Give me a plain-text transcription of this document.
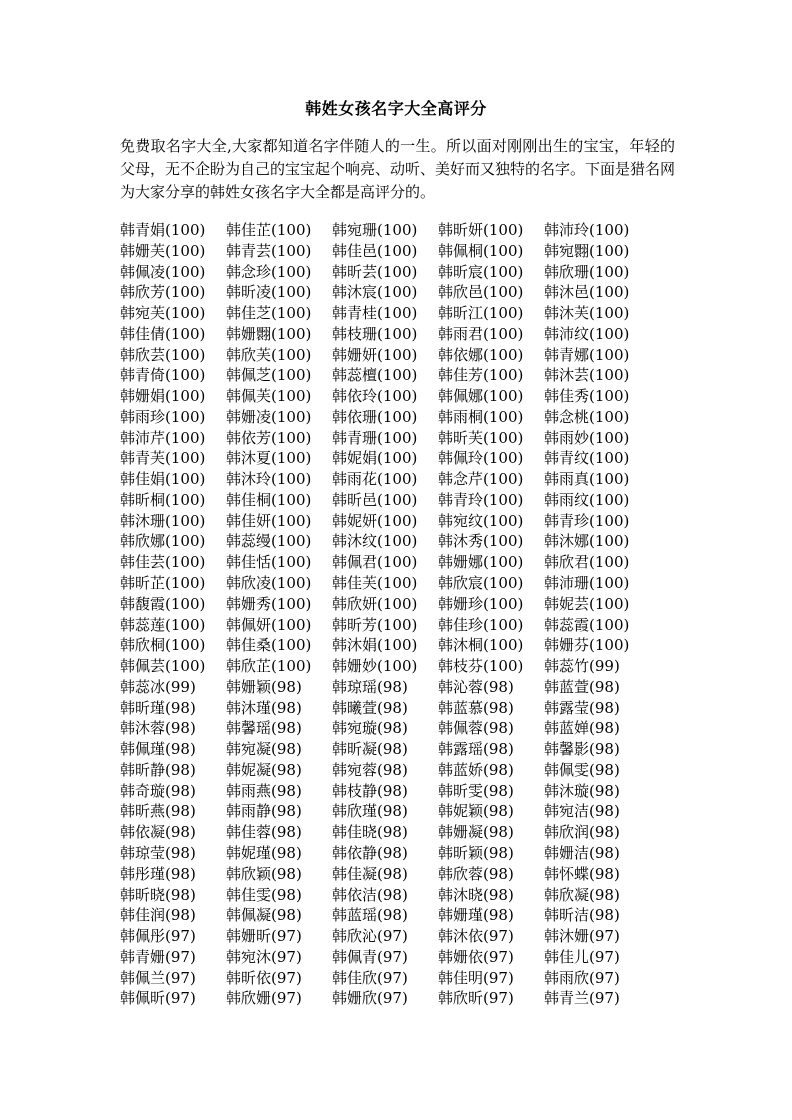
韩姓女孩名字大全高评分
免费取名字大全,大家都知道名字伴随人的一生。所以面对刚刚出生的宝宝，年轻的父母，无不企盼为自己的宝宝起个响亮、动听、美好而又独特的名字。下面是猎名网为大家分享的韩姓女孩名字大全都是高评分的。
韩青娟(100)	韩佳芷(100)	韩宛珊(100)	韩昕妍(100)	韩沛玲(100)
韩姗芙(100)	韩青芸(100)	韩佳邑(100)	韩佩桐(100)	韩宛翾(100)
韩佩凌(100)	韩念珍(100)	韩昕芸(100)	韩昕宸(100)	韩欣珊(100)
韩欣芳(100)	韩昕凌(100)	韩沐宸(100)	韩欣邑(100)	韩沐邑(100)
韩宛芙(100)	韩佳芝(100)	韩青桂(100)	韩昕江(100)	韩沐芙(100)
韩佳倩(100)	韩姗翾(100)	韩枝珊(100)	韩雨君(100)	韩沛纹(100)
韩欣芸(100)	韩欣芙(100)	韩姗妍(100)	韩依娜(100)	韩青娜(100)
韩青倚(100)	韩佩芝(100)	韩蕊檀(100)	韩佳芳(100)	韩沐芸(100)
韩姗娟(100)	韩佩芙(100)	韩依玲(100)	韩佩娜(100)	韩佳秀(100)
韩雨珍(100)	韩姗凌(100)	韩依珊(100)	韩雨桐(100)	韩念桃(100)
韩沛芹(100)	韩依芳(100)	韩青珊(100)	韩昕芙(100)	韩雨妙(100)
韩青芙(100)	韩沐夏(100)	韩妮娟(100)	韩佩玲(100)	韩青纹(100)
韩佳娟(100)	韩沐玲(100)	韩雨花(100)	韩念芹(100)	韩雨真(100)
韩昕桐(100)	韩佳桐(100)	韩昕邑(100)	韩青玲(100)	韩雨纹(100)
韩沐珊(100)	韩佳妍(100)	韩妮妍(100)	韩宛纹(100)	韩青珍(100)
韩欣娜(100)	韩蕊缦(100)	韩沐纹(100)	韩沐秀(100)	韩沐娜(100)
韩佳芸(100)	韩佳恬(100)	韩佩君(100)	韩姗娜(100)	韩欣君(100)
韩昕芷(100)	韩欣凌(100)	韩佳芙(100)	韩欣宸(100)	韩沛珊(100)
韩馥霞(100)	韩姗秀(100)	韩欣妍(100)	韩姗珍(100)	韩妮芸(100)
韩蕊莲(100)	韩佩妍(100)	韩昕芳(100)	韩佳珍(100)	韩蕊霞(100)
韩欣桐(100)	韩佳桑(100)	韩沐娟(100)	韩沐桐(100)	韩姗芬(100)
韩佩芸(100)	韩欣芷(100)	韩姗妙(100)	韩枝芬(100)	韩蕊竹(99)
韩蕊冰(99)	韩姗颖(98)	韩琼瑶(98)	韩沁蓉(98)	韩蓝萱(98)
韩昕瑾(98)	韩沐瑾(98)	韩曦萱(98)	韩蓝慕(98)	韩露莹(98)
韩沐蓉(98)	韩馨瑶(98)	韩宛璇(98)	韩佩蓉(98)	韩蓝婵(98)
韩佩瑾(98)	韩宛凝(98)	韩昕凝(98)	韩露瑶(98)	韩馨影(98)
韩昕静(98)	韩妮凝(98)	韩宛蓉(98)	韩蓝娇(98)	韩佩雯(98)
韩奇璇(98)	韩雨燕(98)	韩枝静(98)	韩昕雯(98)	韩沐璇(98)
韩昕燕(98)	韩雨静(98)	韩欣瑾(98)	韩妮颖(98)	韩宛洁(98)
韩依凝(98)	韩佳蓉(98)	韩佳晓(98)	韩姗凝(98)	韩欣润(98)
韩琼莹(98)	韩妮瑾(98)	韩依静(98)	韩昕颖(98)	韩姗洁(98)
韩彤瑾(98)	韩欣颖(98)	韩佳凝(98)	韩欣蓉(98)	韩怀蝶(98)
韩昕晓(98)	韩佳雯(98)	韩依洁(98)	韩沐晓(98)	韩欣凝(98)
韩佳润(98)	韩佩凝(98)	韩蓝瑶(98)	韩姗瑾(98)	韩昕洁(98)
韩佩彤(97)	韩姗昕(97)	韩欣沁(97)	韩沐依(97)	韩沐姗(97)
韩青姗(97)	韩宛沐(97)	韩佩青(97)	韩姗依(97)	韩佳儿(97)
韩佩兰(97)	韩昕依(97)	韩佳欣(97)	韩佳明(97)	韩雨欣(97)
韩佩昕(97)	韩欣姗(97)	韩姗欣(97)	韩欣昕(97)	韩青兰(97)
